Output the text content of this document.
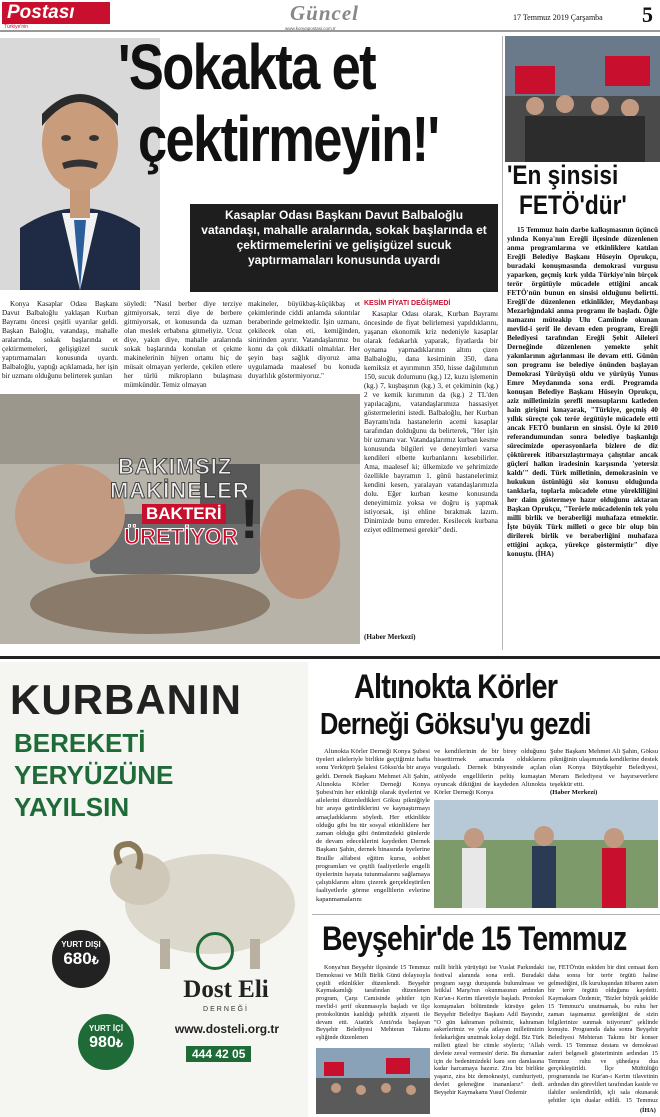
Postası
Türkiye'nin
Güncel
www.konyapostasi.com.tr
17 Temmuz 2019 Çarşamba 5
'Sokakta et
çektirmeyin!'
Kasaplar Odası Başkanı Davut Balbaloğlu vatandaşı, mahalle aralarında, sokak başlarında et çektirmemelerini ve gelişigüzel sucuk yaptırmamaları konusunda uyardı
Konya Kasaplar Odası Başkanı Davut Balbaloğlu yaklaşan Kurban Bayramı öncesi çeşitli uyarılar geldi. Başkan Baloğlu, vatandaşı, mahalle aralarında, sokak başlarında et çektirmemeleri, gelişigüzel sucuk yaptırmamaları konusunda uyardı. Balbaloğlu, yaptığı açıklamada, her işin bir uzmanı olduğunu belirterek şunları
söyledi: "Nasıl berber diye terziye gitmiyorsak, terzi diye de berbere gitmiyorsak, et konusunda da uzman olan meslek erbabına gitmeliyiz. Ucuz diye, yakın diye, mahalle aralarında sokak başlarında konulan et çekme makinelerinin hijyen ortamı hiç de müsait olmayan yerlerde, çekilen etlere her türlü mikropların bulaşması mümkündür. Temiz olmayan
makineler, büyükbaş-küçükbaş et çekimlerinde ciddi anlamda sıkıntılar beraberinde gelmektedir. İşin uzmanı, çekilecek olan eti, kemiğinden, sinirinden ayırır. Vatandaşlarımız bu konu da çok dikkatli olmalılar. Her şeyin başı sağlık diyoruz ama uygulamada maalesef bu konuda duyarlılık göstermiyoruz."
BAKIMSIZ
MAKİNELER
BAKTERİ
ÜRETİYOR !
KESİM FİYATI DEĞİŞMEDİ
Kasaplar Odası olarak, Kurban Bayramı öncesinde de fiyat belirlemesi yapıldıklarını, yaşanan ekonomik kriz nedeniyle kasaplar olarak fedakarlık yaparak, fiyatlarda bir oynama yapmadıklarının altını çizen Balbaloğlu, dana kesiminin 350, dana kemiksiz et ayırımının 350, hisse dağılımının 150, sucuk dolumunu (kg.) 12, kuzu işlemenin (kg.) 7, kuşbaşının (kg.) 3, et çekiminin (kg.) 2 ve kemik kırımının da (kg.) 2 TL'den yapılacağını, vatandaşlarımıza hassasiyet göstermelerini istedi. Balbaloğlu, her Kurban Bayramı'nda hastanelerin acemi kasaplar tarafından dolduğunu da belirterek, "Her işin bir uzmanı var. Vatandaşlarımız kurban kesme konusunda bilgileri ve deneyimleri varsa kendileri elbette kurbanlarını kesebilirler. Ama, maalesef ki; ülkemizde ve şehrimizde özellikle bayramın 1. günü hastanelerimiz kendini kesen, yaralayan vatandaşlarımızla dolu. Eğer kurban kesme konusunda deneyimimiz yoksa ve doğru iş yapmak istiyorsak, işi ehline bırakmak lazım. Dinimizde bunu emreder. Kesilecek kurbana eziyet edilmemesi gerekir" dedi.
(Haber Merkezi)
'En şinsisi
FETÖ'dür'
15 Temmuz hain darbe kalkışmasının üçüncü yılında Konya'nın Ereğli ilçesinde düzenlenen anma programlarına ve etkinliklere katılan Ereğli Belediye Başkanı Hüseyin Oprukçu, buradaki konuşmasında demokrasi vurgusu yaparken, geçmiş kırk yılda Türkiye'nin birçok terör örgütüyle mücadele ettiğini ancak FETÖ'nün bunun en sinsisi olduğunu belirtti. Ereğli'de düzenlenen etkinlikler, Meydanbaşı Mezarlığındaki anma programı ile başladı. Öğle namazını müteakip Ulu Camiinde okunan mevlid-i şerif ile devam eden program, Ereğli Belediyesi tarafından Ereğli Şehit Aileleri Derneğinde düzenlenen yemekte şehit yakınlarının ağırlanması ile devam etti. Günün son programı ise belediye önünden başlayan Demokrasi Yürüyüşü oldu ve yürüyüş Yunus Emre Meydanında sona erdi. Programda konuşan Belediye Başkanı Hüseyin Oprukçu, aziz milletimizin şerefli mensuplarını katleden hain girişimi kınayarak, "Türkiye, geçmiş 40 yıllık süreçte çok terör örgütüyle mücadele etti ancak FETÖ bunların en sinsisi. Öyle ki 2010 referandumundan sonra belediye başkanlığı sürecimizde operasyonlarla bizlere de diz çöktürerek itibarsızlaştırmaya çalıştılar ancak güçleri halkın iradesinin karşısında 'yetersiz kaldı'" dedi. Türk milletinin, demokrasinin ve hukukun üstünlüğü söz konusu olduğunda tanklarla, toplarla mücadele etme yürekliliğini her daim göstermeye hazır olduğunu aktaran Başkan Oprukçu, "Terörle mücadelenin tek yolu milli birlik ve beraberliği muhafaza etmektir. İşte büyük Türk milleti o gece bir olup bin dirilerek birlik ve beraberliğini muhafaza ettiğini açıkça, yürekçe göstermiştir" diye konuştu. (İHA)
KURBANIN
BEREKETİ
YERYÜZÜNE
YAYILSIN
YURT DIŞI
680₺
YURT İÇİ
980₺
Dost Eli
DERNEĞİ
www.dosteli.org.tr
444 42 05
Altınokta Körler
Derneği Göksu'yu gezdi
Altınokta Körler Derneği Konya Şubesi üyeleri aileleriyle birlikte geçtiğimiz hafta sonu Yerköprü Şelalesi Göksu'da bir araya geldi. Dernek Başkanı Mehmet Ali Şahin, Altınokta Körler Derneği Konya Şubesi'nin her etkinliği olarak üyelerini ve ailelerini düzenledikleri Göksu pikniğiyle bir araya getirdiklerini ve kaynaştırmayı amaçladıklarını söyledi. Her etkinlikte olduğu gibi bu tür sosyal etkinliklere her zaman olduğu gibi önümüzdeki günlerde de devam edeceklerini kaydeden Dernek Başkanı Şahin, dernek binasında üyelerine Braille alfabesi eğitim kursu, sohbet programları ve çeşitli faaliyetlerle engelli üyelerinin hayata tutunmalarını sağlamaya çalıştıklarını altını çizerek gerçekleştirilen faaliyetlerle görme engellilerin evlerine kapanmamalarını
ve kendilerinin de bir birey olduğunu hissettirmek amacında olduklarını vurguladı. Dernek bünyesinde açılan atölyede engellilerin pelüş kumaştan oyuncak diktiğini de kaydeden Altınokta Körler Derneği Konya
Şube Başkanı Mehmet Ali Şahin, Göksu pikniğinin ulaşımında kendilerine destek olan Konya Büyükşehir Belediyesi, Meram Belediyesi ve hayırseverlere teşekkür etti.
(Haber Merkezi)
Beyşehir'de 15 Temmuz
Konya'nın Beyşehir ilçesinde 15 Temmuz Demokrasi ve Milli Birlik Günü dolayısıyla çeşitli etkinlikler düzenlendi. Beyşehir Kaymakamlığı tarafından düzenlenen program, Çarşı Camisinde şehitler için mevlid-i şerif okunmasıyla başladı ve ilçe protokolünün katıldığı şehitlik ziyareti ile devam etti. Atatürk Anıtı'nda başlayan Beyşehir Belediyesi Mehteran Takımı eşliğinde düzenlenen
milli birlik yürüyüşü ise Vuslat Parkındaki festival alanında sona erdi. Buradaki program saygı duruşunda bulunulması ve İstiklal Marşı'nın okunmasının ardından Kur'an-ı Kerim tilavetiyle başladı. Protokol konuşmaları bölümünde kürsüye gelen Beyşehir Belediye Başkanı Adil Bayındır, "O gün kahraman polisimiz, kahraman askerlerimiz ve yola atlayan milletimizin fedakarlığını unutmak kolay değil. Biz Türk milleti güzel bir cümle söyleriz; 'Allah devlete zeval vermesin' deriz. Bu dumanlar için de bedenimizdeki kanı son damlasına kadar harcamaya hazırız. Zira biz birlikte yaşarız, zira biz demokrasiyi, cumhuriyeti, devlet geleneğine inananlarız" dedi. Beyşehir Kaymakamı Yusuf Özdemir
ise, FETÖ'nün eskiden bir dini cemaat iken daha sonra bir terör örgütü haline gelmediğini, ilk kuruluşundan itibaren zaten bir terör örgütü olduğunu kaydetti. Kaymakam Özdemir, "Bizler büyük şekilde 15 Temmuz'u unutmamak, bu ruhu her zaman taşımamız gerektiğini de sizin bilgilerinize sunmak istiyorum" şeklinde konuştu. Programda daha sonra Beyşehir Belediyesi Mehteran Takımı bir konser verdi. 15 Temmuz destanı ve demokrasi zaferi belgeseli gösteriminin ardından 15 Temmuz ruhu ve şühedaya dua gerçekleştirildi. İlçe Müftülüğü programında ise Kur'an-ı Kerim tilavetinin ardından din görevlileri tarafından kaside ve ilahiler seslendirildi, içli sala okunarak şehitler için dualar edildi. 15 Temmuz
(İHA)
